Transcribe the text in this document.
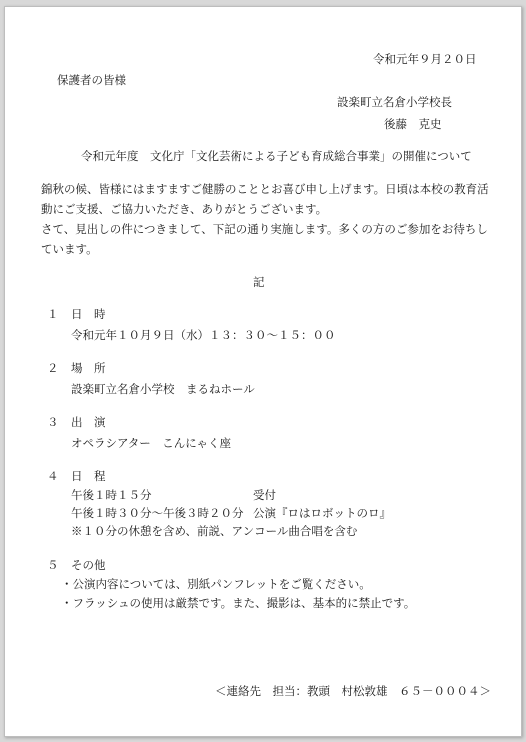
令和元年９月２０日
保護者の皆様
設楽町立名倉小学校長
後藤　克史
令和元年度　文化庁「文化芸術による子ども育成総合事業」の開催について
錦秋の候、皆様にはますますご健勝のこととお喜び申し上げます。日頃は本校の教育活
動にご支援、ご協力いただき、ありがとうございます。
さて、見出しの件につきまして、下記の通り実施します。多くの方のご参加をお待ちし
ています。
記
１ 日　時
令和元年１０月９日（水）１３：３０～１５：００
２ 場　所
設楽町立名倉小学校　まるねホール
３ 出　演
オペラシアター　こんにゃく座
４ 日　程
午後１時１５分	受付
午後１時３０分～午後３時２０分 公演『ロはロボットのロ』
※１０分の休憩を含め、前説、アンコール曲合唱を含む
５ その他
・公演内容については、別紙パンフレットをご覧ください。
・フラッシュの使用は厳禁です。また、撮影は、基本的に禁止です。
＜連絡先　担当：教頭　村松敦雄　６５－０００４＞
